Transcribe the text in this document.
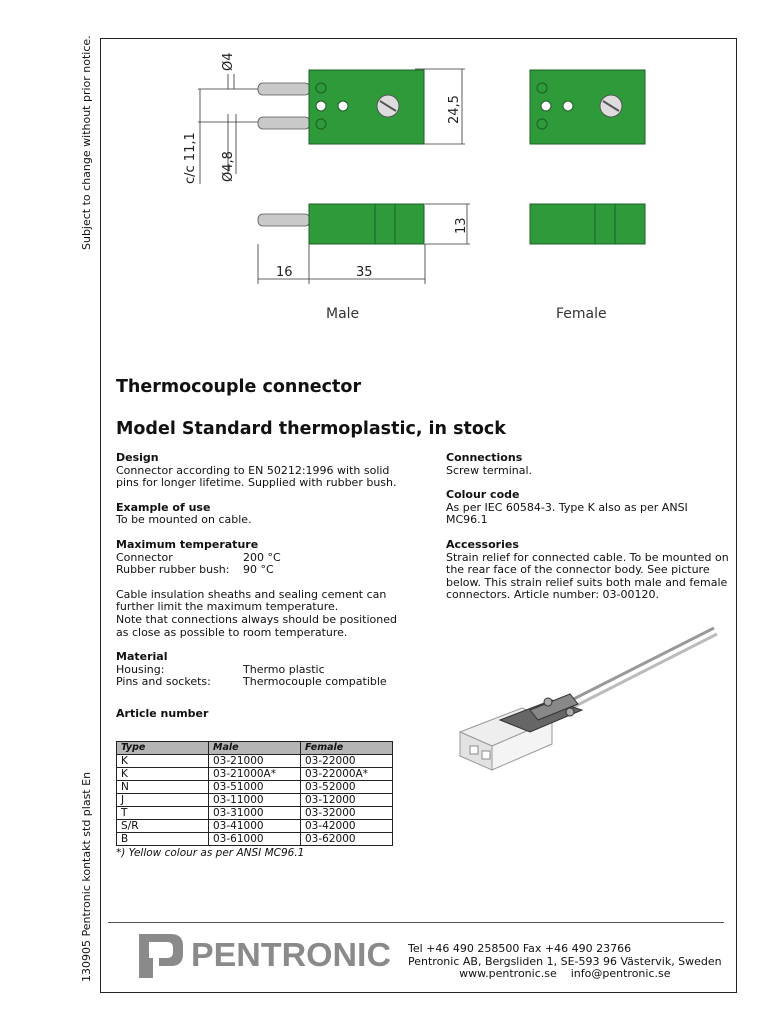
Subject to change without prior notice.
130905 Pentronic kontakt std plast En
Ø4
Ø4,8
c/c 11,1
24,5
13
16	35
Male	Female
Thermocouple connector
Model Standard thermoplastic, in stock
Design
Connector according to EN 50212:1996 with solid
pins for longer lifetime. Supplied with rubber bush.
Example of use
To be mounted on cable.
Maximum temperature
Connector	200 °C
Rubber rubber bush:	90 °C
Cable insulation sheaths and sealing cement can
further limit the maximum temperature.
Note that connections always should be positioned
as close as possible to room temperature.
Material
Housing:	Thermo plastic
Pins and sockets:	Thermocouple compatible
Article number
Connections
Screw terminal.
Colour code
As per IEC 60584-3. Type K also as per ANSI
MC96.1
Accessories
Strain relief for connected cable. To be mounted on
the rear face of the connector body. See picture
below. This strain relief suits both male and female
connectors. Article number: 03-00120.
Type	Male	Female
K	03-21000	03-22000
K	03-21000A*	03-22000A*
N	03-51000	03-52000
J	03-11000	03-12000
T	03-31000	03-32000
S/R	03-41000	03-42000
B	03-61000	03-62000
*) Yellow colour as per ANSI MC96.1
PENTRONIC Tel +46 490 258500 Fax +46 490 23766
Pentronic AB, Bergsliden 1, SE-593 96 Västervik, Sweden
www.pentronic.se info@pentronic.se
